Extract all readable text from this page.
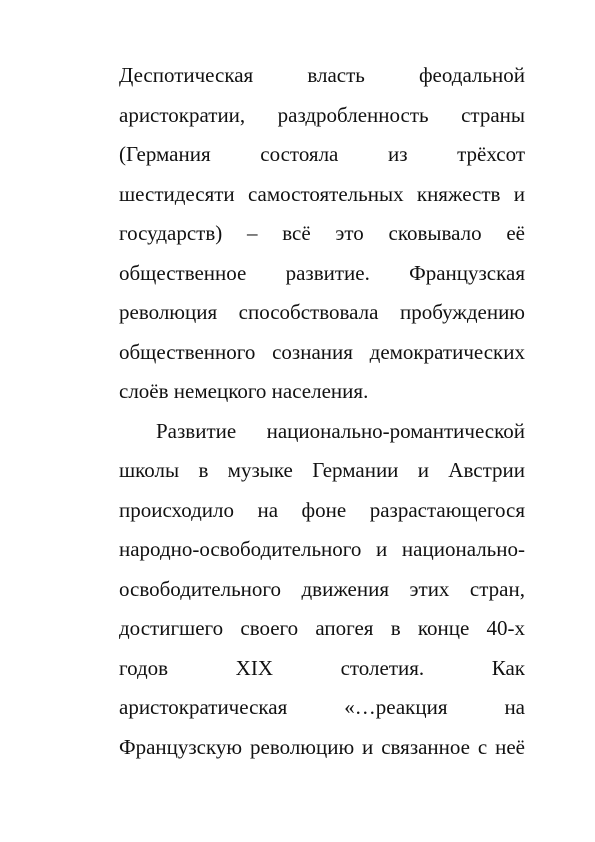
Деспотическая власть феодальной
аристократии, раздробленность страны
(Германия состояла из трёхсот
шестидесяти самостоятельных княжеств и
государств) – всё это сковывало её
общественное развитие. Французская
революция способствовала пробуждению
общественного сознания демократических
слоёв немецкого населения.
Развитие национально-романтической
школы в музыке Германии и Австрии
происходило на фоне разрастающегося
народно-освободительного и национально-
освободительного движения этих стран,
достигшего своего апогея в конце 40-х
годов XIX столетия. Как
аристократическая «…реакция на
Французскую революцию и связанное с неё
